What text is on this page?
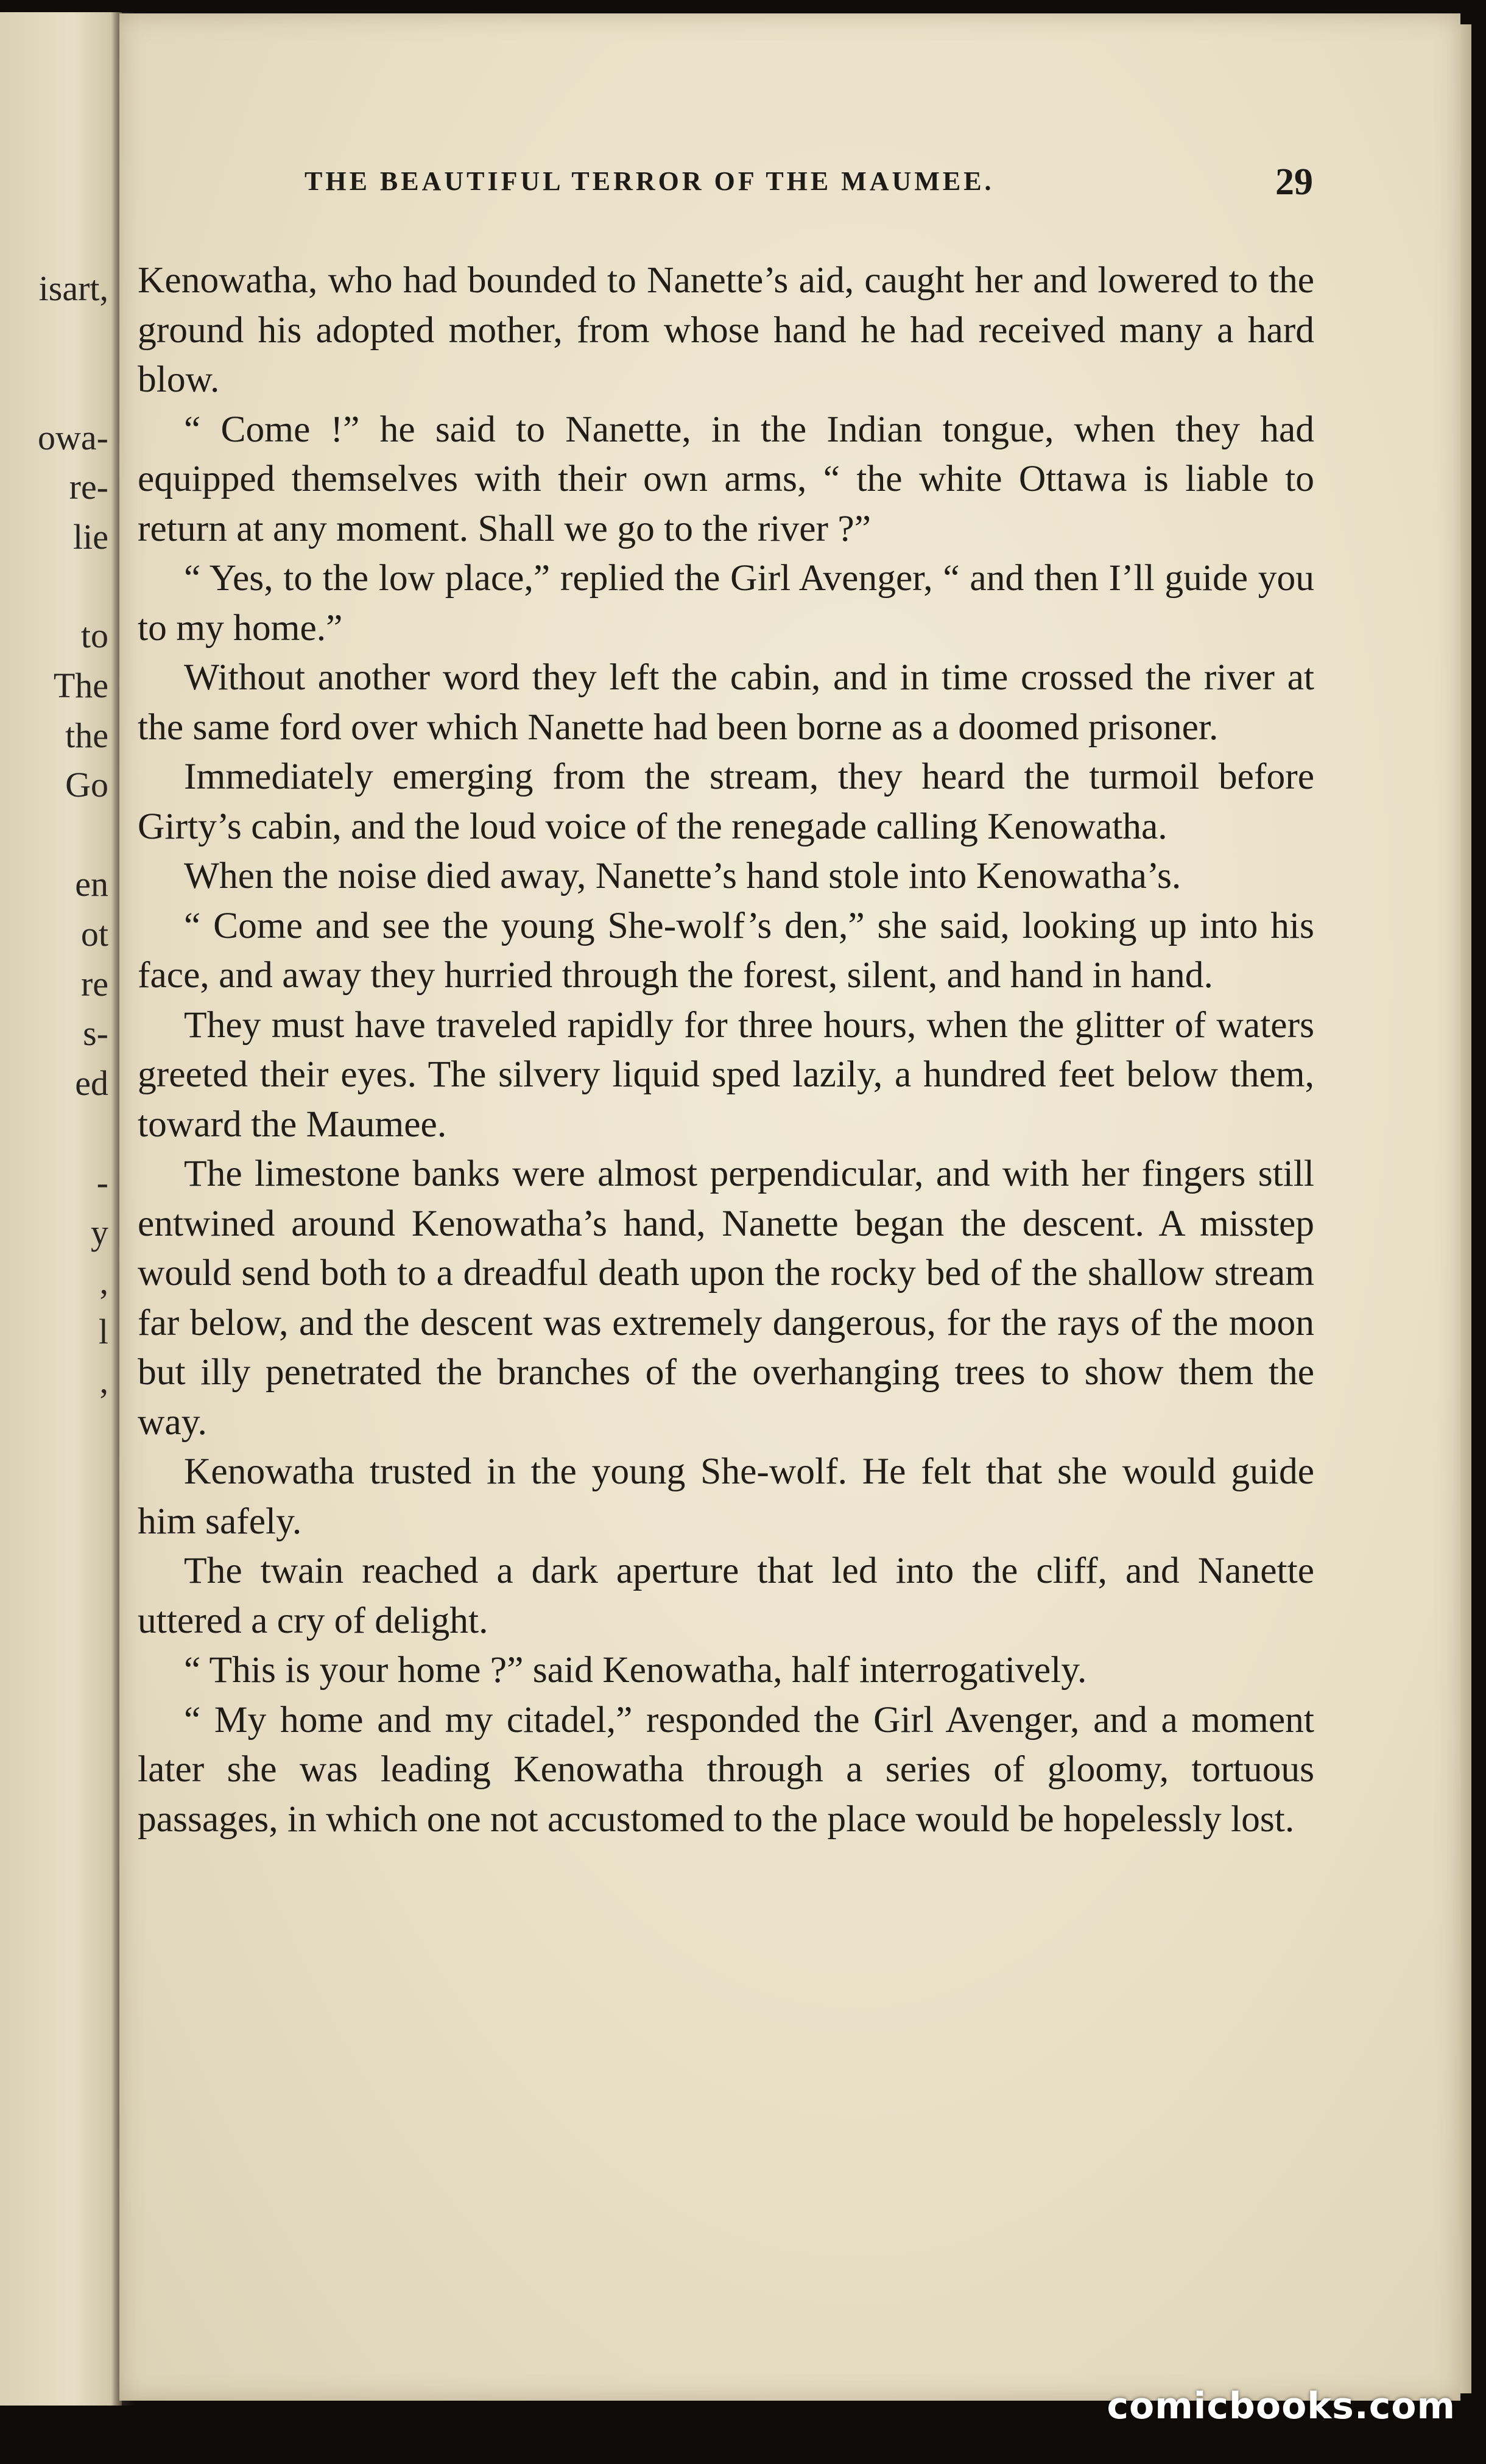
isart,
owa-
re-
lie
to
The
the
Go
en
ot
re
s-
ed
-
y
,
l
,
THE BEAUTIFUL TERROR OF THE MAUMEE.	29

Kenowatha, who had bounded to Nanette’s aid, caught her and lowered to the ground his adopted mother, from whose hand he had received many a hard blow.

“ Come !” he said to Nanette, in the Indian tongue, when they had equipped themselves with their own arms, “ the white Ottawa is liable to return at any moment. Shall we go to the river ?”

“ Yes, to the low place,” replied the Girl Avenger, “ and then I’ll guide you to my home.”

Without another word they left the cabin, and in time crossed the river at the same ford over which Nanette had been borne as a doomed prisoner.

Immediately emerging from the stream, they heard the turmoil before Girty’s cabin, and the loud voice of the renegade calling Kenowatha.

When the noise died away, Nanette’s hand stole into Kenowatha’s.

“ Come and see the young She-wolf’s den,” she said, looking up into his face, and away they hurried through the forest, silent, and hand in hand.

They must have traveled rapidly for three hours, when the glitter of waters greeted their eyes. The silvery liquid sped lazily, a hundred feet below them, toward the Maumee.

The limestone banks were almost perpendicular, and with her fingers still entwined around Kenowatha’s hand, Nanette began the descent. A misstep would send both to a dreadful death upon the rocky bed of the shallow stream far below, and the descent was extremely dangerous, for the rays of the moon but illy penetrated the branches of the overhanging trees to show them the way.

Kenowatha trusted in the young She-wolf. He felt that she would guide him safely.

The twain reached a dark aperture that led into the cliff, and Nanette uttered a cry of delight.

“ This is your home ?” said Kenowatha, half interrogatively.

“ My home and my citadel,” responded the Girl Avenger, and a moment later she was leading Kenowatha through a series of gloomy, tortuous passages, in which one not accustomed to the place would be hopelessly lost.

comicbooks.com
